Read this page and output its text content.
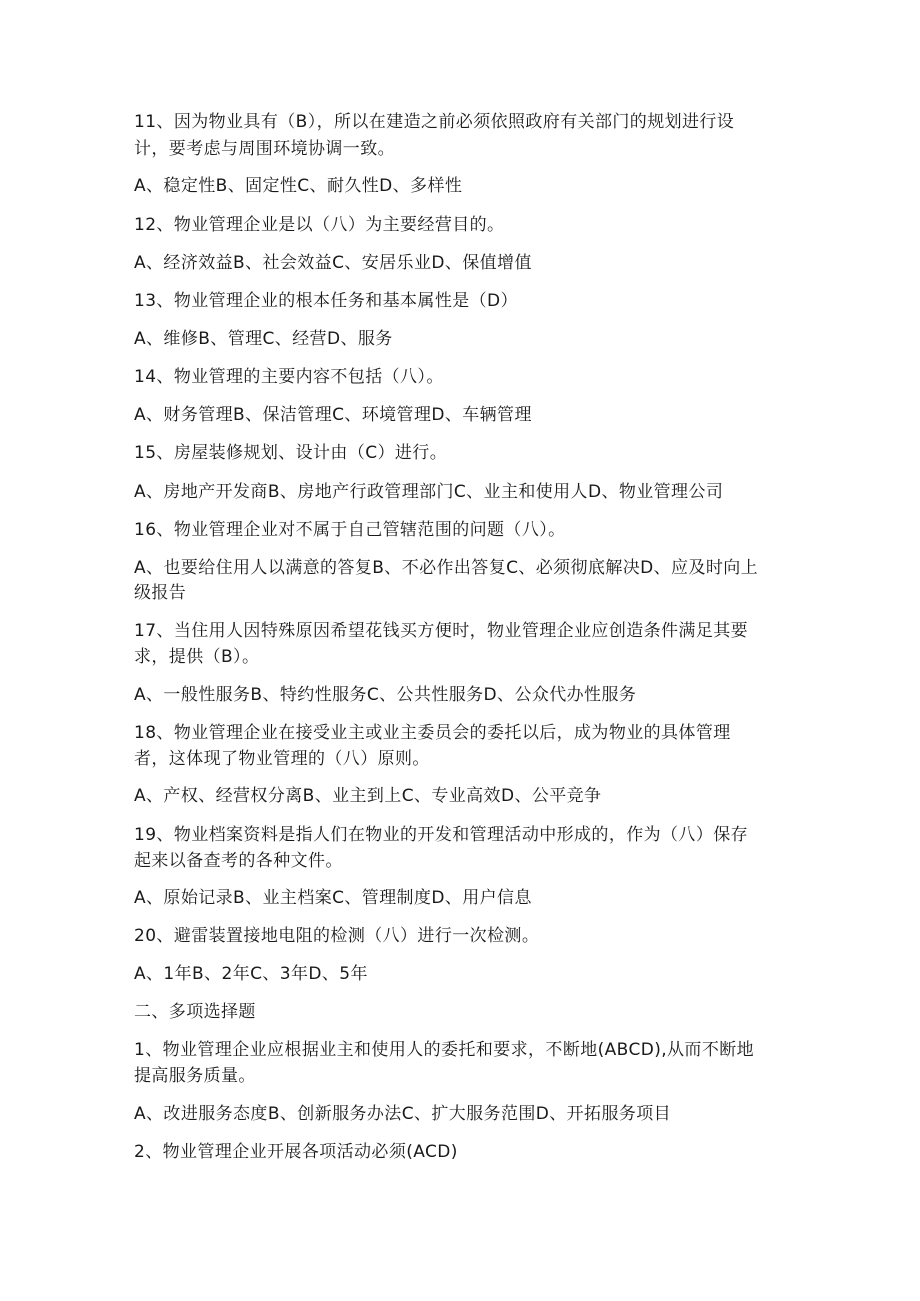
11、因为物业具有（B），所以在建造之前必须依照政府有关部门的规划进行设
计，要考虑与周围环境协调一致。
A、稳定性B、固定性C、耐久性D、多样性
12、物业管理企业是以（八）为主要经营目的。
A、经济效益B、社会效益C、安居乐业D、保值增值
13、物业管理企业的根本任务和基本属性是（D）
A、维修B、管理C、经营D、服务
14、物业管理的主要内容不包括（八）。
A、财务管理B、保洁管理C、环境管理D、车辆管理
15、房屋装修规划、设计由（C）进行。
A、房地产开发商B、房地产行政管理部门C、业主和使用人D、物业管理公司
16、物业管理企业对不属于自己管辖范围的问题（八）。
A、也要给住用人以满意的答复B、不必作出答复C、必须彻底解决D、应及时向上
级报告
17、当住用人因特殊原因希望花钱买方便时，物业管理企业应创造条件满足其要
求，提供（B）。
A、一般性服务B、特约性服务C、公共性服务D、公众代办性服务
18、物业管理企业在接受业主或业主委员会的委托以后，成为物业的具体管理
者，这体现了物业管理的（八）原则。
A、产权、经营权分离B、业主到上C、专业高效D、公平竞争
19、物业档案资料是指人们在物业的开发和管理活动中形成的，作为（八）保存
起来以备查考的各种文件。
A、原始记录B、业主档案C、管理制度D、用户信息
20、避雷装置接地电阻的检测（八）进行一次检测。
A、1年B、2年C、3年D、5年
二、多项选择题
1、物业管理企业应根据业主和使用人的委托和要求，不断地(ABCD),从而不断地
提高服务质量。
A、改进服务态度B、创新服务办法C、扩大服务范围D、开拓服务项目
2、物业管理企业开展各项活动必须(ACD)
